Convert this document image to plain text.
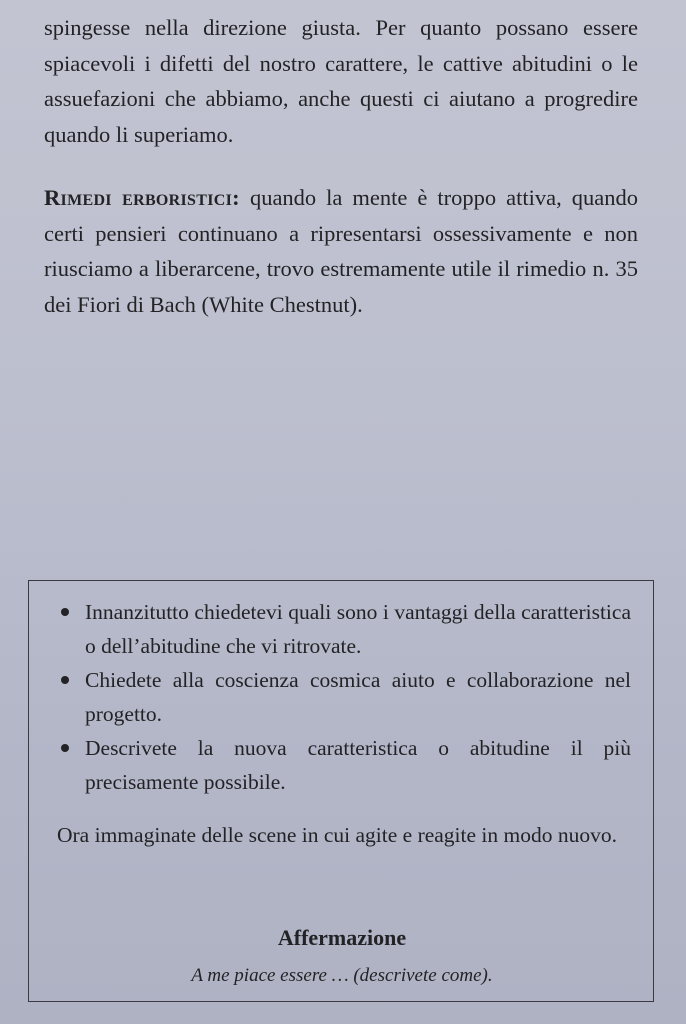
spingesse nella direzione giusta. Per quanto possano essere spiacevoli i difetti del nostro carattere, le cattive abitudini o le assuefazioni che abbiamo, anche questi ci aiutano a progredire quando li superiamo.

Rimedi erboristici: quando la mente è troppo attiva, quando certi pensieri continuano a ripresentarsi ossessivamente e non riusciamo a liberarcene, trovo estremamente utile il rimedio n. 35 dei Fiori di Bach (White Chestnut).

Innanzitutto chiedetevi quali sono i vantaggi della caratteristica o dell’abitudine che vi ritrovate.
Chiedete alla coscienza cosmica aiuto e collaborazione nel progetto.
Descrivete la nuova caratteristica o abitudine il più precisamente possibile.

Ora immaginate delle scene in cui agite e reagite in modo nuovo.

Affermazione

A me piace essere … (descrivete come).
